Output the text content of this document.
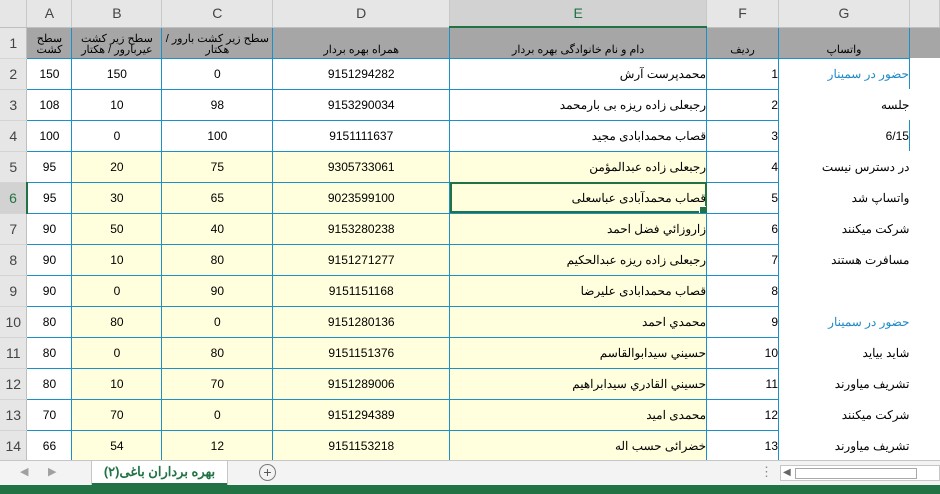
	A	B	C	D	E	F	G	
1	سطح کشت	سطح زیر کشت عیربارور / هکتار	سطح زیر کشت بارور / هکتار	همراه بهره بردار	دام و نام خانوادگی بهره بردار	ردیف	واتساپ	
2	150	150	0	9151294282	محمدپرست آرش	1	حضور در سمینار	
3	108	10	98	9153290034	رجبعلی زاده ریزه بی بارمحمد	2	جلسه	
4	100	0	100	9151111637	قصاب محمدابادی مجید	3	6/15	
5	95	20	75	9305733061	رجبعلی زاده عبدالمؤمن	4	در دسترس نیست	
6	95	30	65	9023599100	قصاب محمدآبادی عباسعلی	5	واتساپ شد	
7	90	50	40	9153280238	زاروزائي فضل احمد	6	شرکت میکنند	
8	90	10	80	9151271277	رجبعلی زاده ریزه عبدالحکیم	7	مسافرت هستند	
9	90	0	90	9151151168	قصاب محمدابادی علیرضا	8		
10	80	80	0	9151280136	محمدي احمد	9	حضور در سمینار	
11	80	0	80	9151151376	حسیني سیدابوالقاسم	10	شاید بیاید	
12	80	10	70	9151289006	حسیني القادري سیدابراهیم	11	تشریف میاورند	
13	70	70	0	9151294389	محمدی امید	12	شرکت میکنند	
14	66	54	12	9151153218	خضرائی حسب اله	13	تشریف میاورند	
◀ ▶	بهره برداران باغی(۲)	+	⋮ ◀
